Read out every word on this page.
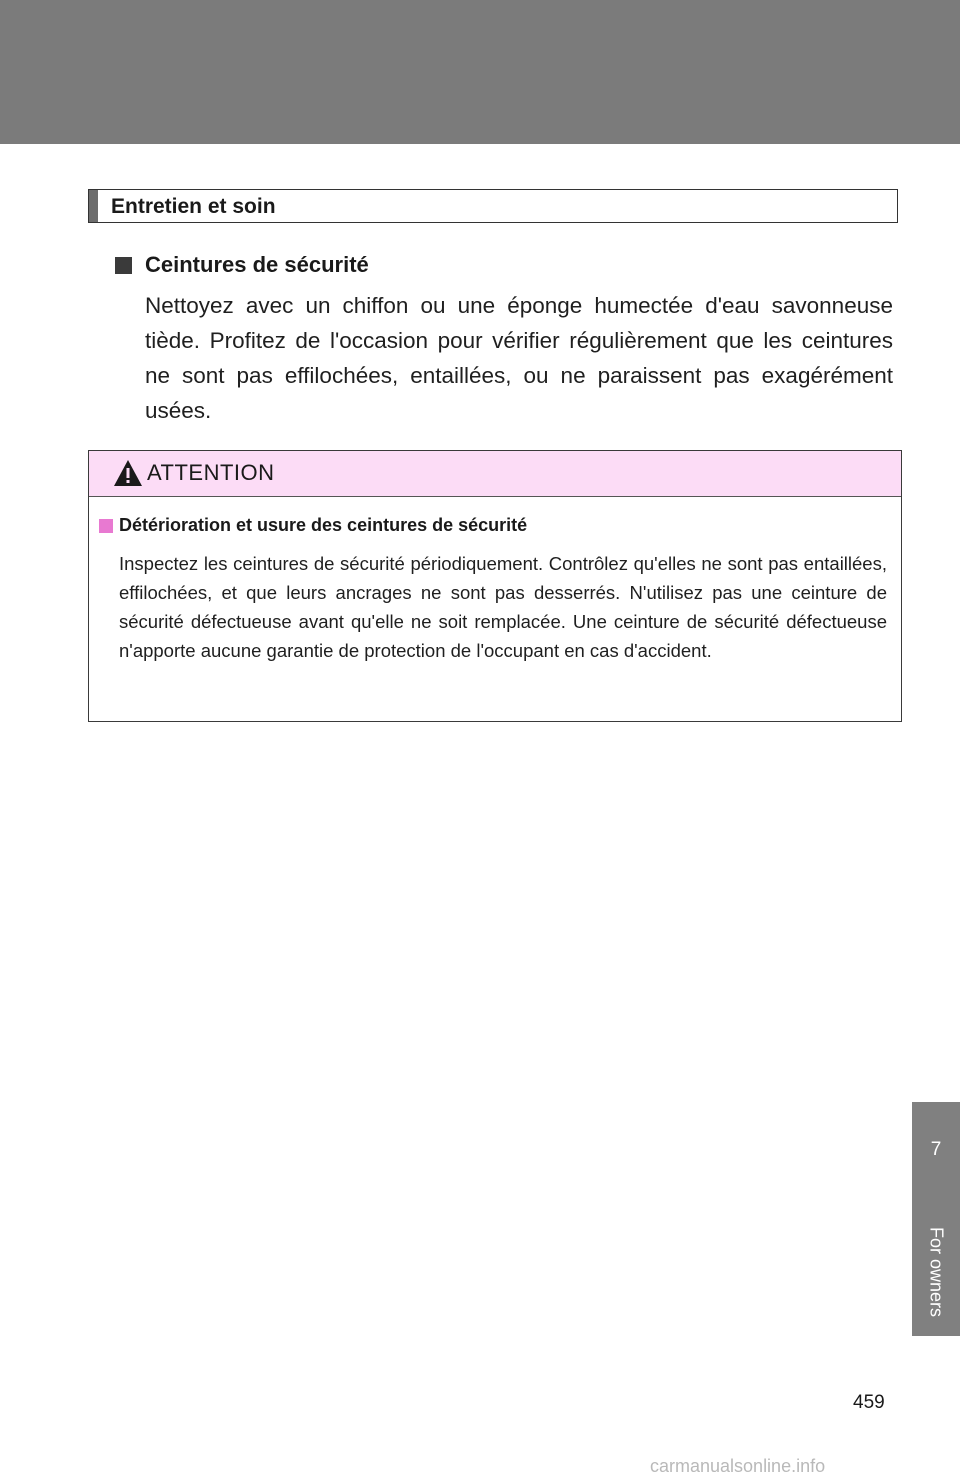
Entretien et soin
Ceintures de sécurité
Nettoyez avec un chiffon ou une éponge humectée d'eau savonneuse tiède. Profitez de l'occasion pour vérifier régulièrement que les ceintures ne sont pas effilochées, entaillées, ou ne paraissent pas exagérément usées.
ATTENTION
Détérioration et usure des ceintures de sécurité
Inspectez les ceintures de sécurité périodiquement. Contrôlez qu'elles ne sont pas entaillées, effilochées, et que leurs ancrages ne sont pas desserrés. N'utilisez pas une ceinture de sécurité défectueuse avant qu'elle ne soit remplacée. Une ceinture de sécurité défectueuse n'apporte aucune garantie de protection de l'occupant en cas d'accident.
7
For owners
459
carmanualsonline.info
